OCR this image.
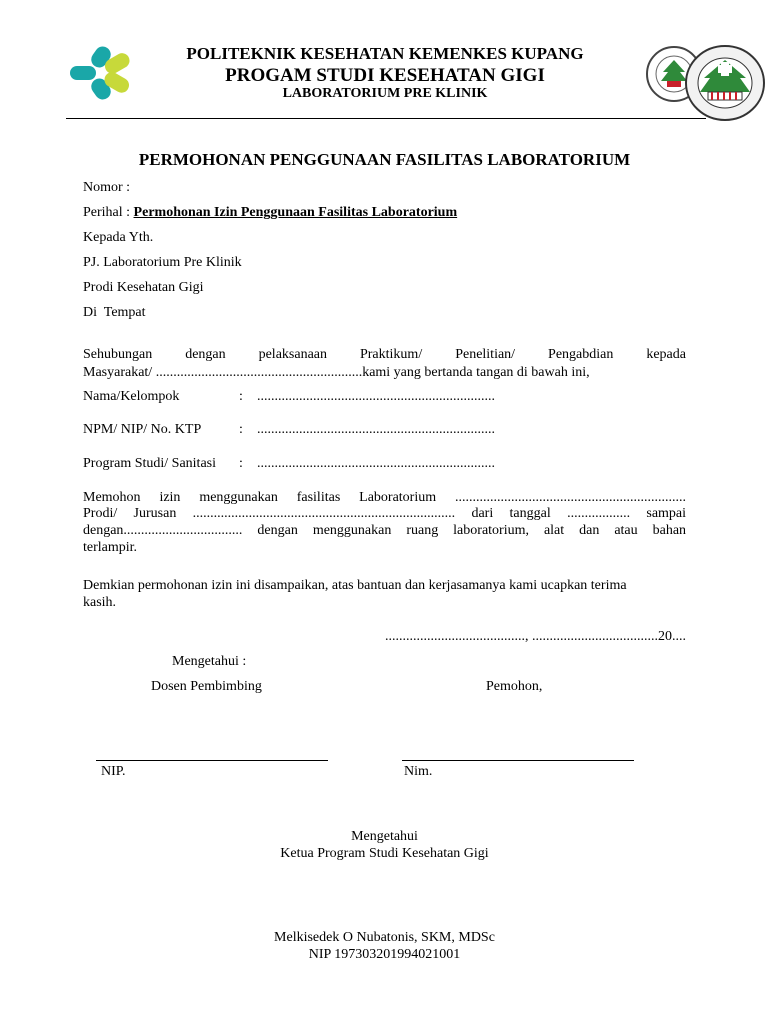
POLITEKNIK KESEHATAN KEMENKES KUPANG
PROGAM STUDI KESEHATAN GIGI
LABORATORIUM PRE KLINIK
PERMOHONAN PENGGUNAAN FASILITAS LABORATORIUM
Nomor :
Perihal : Permohonan Izin Penggunaan Fasilitas Laboratorium
Kepada Yth.
PJ. Laboratorium Pre Klinik
Prodi Kesehatan Gigi
Di  Tempat
Sehubungan dengan pelaksanaan Praktikum/ Penelitian/ Pengabdian kepada
Masyarakat/ ...........................................................kami yang bertanda tangan di bawah ini,
Nama/Kelompok	: ....................................................................
NPM/ NIP/ No. KTP	: ....................................................................
Program Studi/ Sanitasi : ....................................................................
Memohon izin menggunakan fasilitas Laboratorium ..................................................................
Prodi/ Jurusan ........................................................................... dari tanggal .................. sampai
dengan.................................. dengan menggunakan ruang laboratorium, alat dan atau bahan
terlampir.
Demkian permohonan izin ini disampaikan, atas bantuan dan kerjasamanya kami ucapkan terima
kasih.
........................................, ....................................20....
Mengetahui :
Dosen Pembimbing	Pemohon,
NIP.	Nim.
Mengetahui
Ketua Program Studi Kesehatan Gigi
Melkisedek O Nubatonis, SKM, MDSc
NIP 197303201994021001
